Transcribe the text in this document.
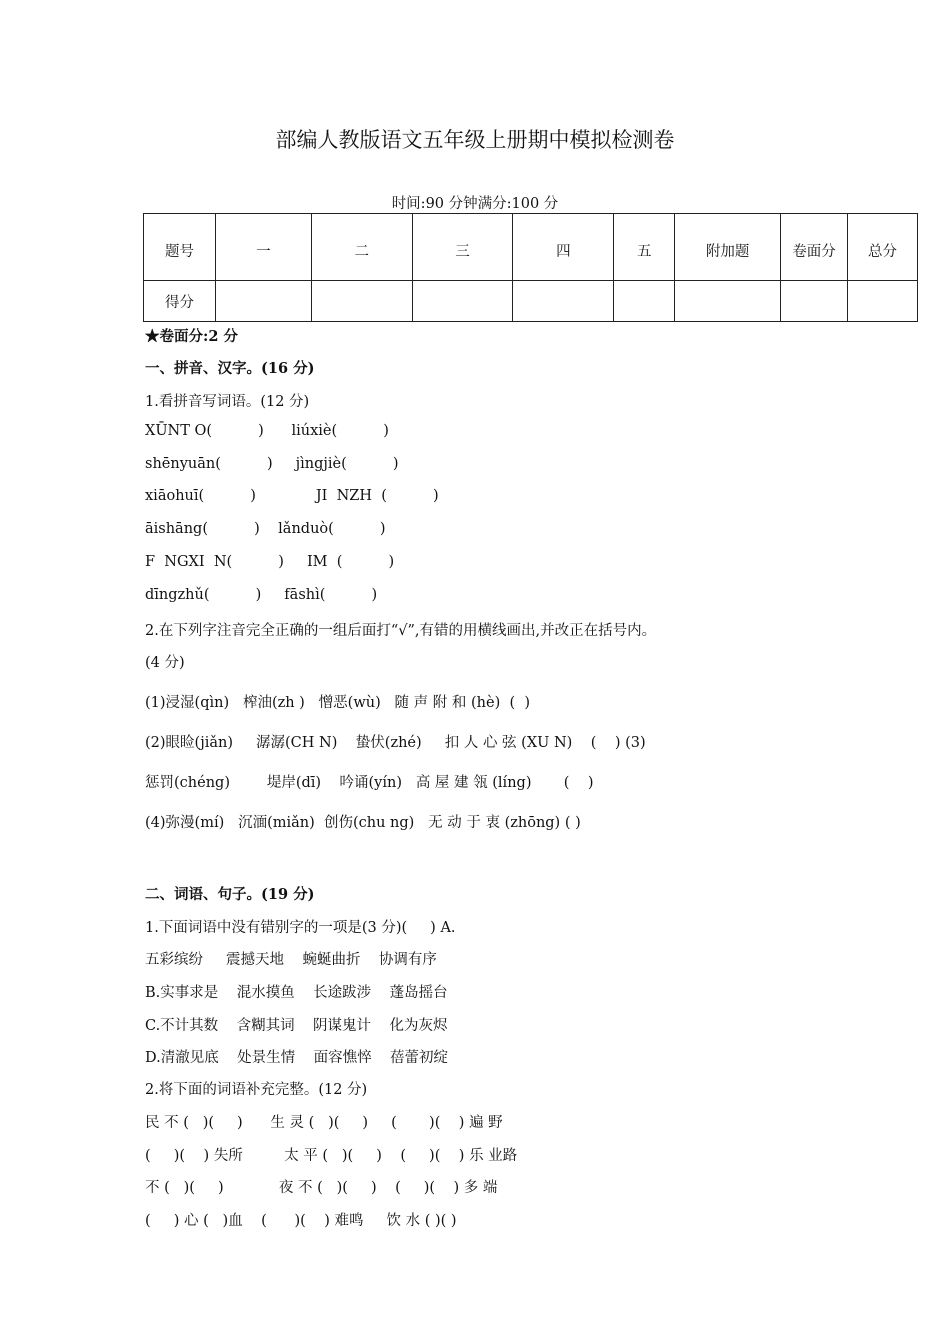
部编人教版语文五年级上册期中模拟检测卷
时间:90 分钟满分:100 分
题号	一	二	三	四	五	附加题	卷面分	总分
得分								
★卷面分:2 分
一、拼音、汉字。(16 分)
1.看拼音写词语。(12 分)
XŪNT O(          )      liúxiè(          )
shēnyuān(          )     jìngjiè(          )
xiāohuī(          )             JI  NZH  (          )
āishāng(          )    lǎnduò(          )
F  NGXI  N(          )     IM  (          )
dīngzhǔ(          )     fāshì(          )
2.在下列字注音完全正确的一组后面打“√”,有错的用横线画出,并改正在括号内。
(4 分)
(1)浸湿(qìn)   榨油(zh )   憎恶(wù)   随 声 附 和 (hè)  (  )
(2)眼睑(jiǎn)     潺潺(CH N)    蛰伏(zhé)     扣 人 心 弦 (XU N)    (    ) (3)
惩罚(chéng)        堤岸(dī)    吟诵(yín)   高 屋 建 瓴 (líng)       (    )
(4)弥漫(mí)   沉湎(miǎn)  创伤(chu ng)   无 动 于 衷 (zhōng) ( )
二、词语、句子。(19 分)
1.下面词语中没有错别字的一项是(3 分)(     ) A.
五彩缤纷     震撼天地    蜿蜒曲折    协调有序
B.实事求是    混水摸鱼    长途跋涉    蓬岛摇台
C.不计其数    含糊其词    阴谋鬼计    化为灰烬
D.清澈见底    处景生情    面容憔悴    蓓蕾初绽
2.将下面的词语补充完整。(12 分)
民 不 (   )(     )      生 灵 (   )(     )     (       )(    ) 遍 野
(     )(    ) 失所         太 平 (   )(     )    (     )(    ) 乐 业路
不 (   )(     )            夜 不 (   )(     )    (     )(    ) 多 端
(     ) 心 (   )血    (      )(    ) 难鸣     饮 水 ( )( )
